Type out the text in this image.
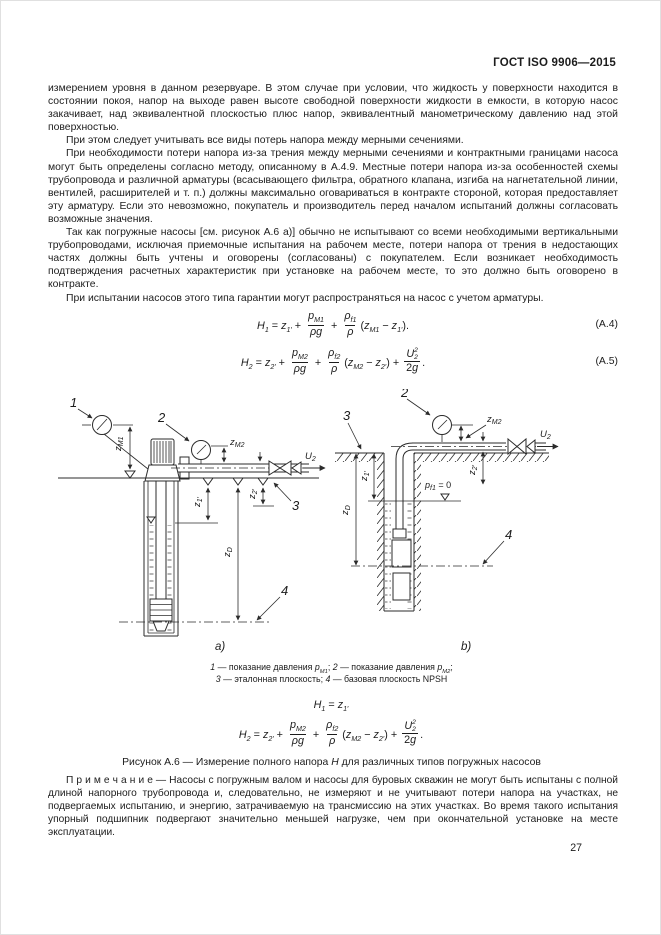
ГОСТ ISO 9906—2015

измерением уровня в данном резервуаре. В этом случае при условии, что жидкость у поверхности находится в состоянии покоя, напор на выходе равен высоте свободной поверхности жидкости в емкости, в которую насос закачивает, над эквивалентной плоскостью плюс напор, эквивалентный манометрическому давлению над этой поверхностью.

При этом следует учитывать все виды потерь напора между мерными сечениями.

При необходимости потери напора из-за трения между мерными сечениями и контрактными границами насоса могут быть определены согласно методу, описанному в А.4.9. Местные потери напора из-за особенностей схемы трубопровода и различной арматуры (всасывающего фильтра, обратного клапана, изгиба на нагнетательной линии, вентилей, расширителей и т. п.) должны максимально оговариваться в контракте стороной, которая предоставляет эту арматуру. Если это невозможно, покупатель и производитель перед началом испытаний должны согласовать возможные значения.

Так как погружные насосы [см. рисунок А.6 а)] обычно не испытывают со всеми необходимыми вертикальными трубопроводами, исключая приемочные испытания на рабочем месте, потери напора от трения в недостающих частях должны быть учтены и оговорены (согласованы) с покупателем. Если возникает необходимость подтверждения расчетных характеристик при установке на рабочем месте, то это должно быть оговорено в контракте.

При испытании насосов этого типа гарантии могут распространяться на насос с учетом арматуры.

$H_1 = z_{1'} + \frac{p_{M1}}{\rho g} + \frac{\rho_{f1}}{\rho} (z_{M1} - z_{1'})$.	(А.4)
$H_2 = z_{2'} + \frac{p_{M2}}{\rho g} + \frac{\rho_{f2}}{\rho} (z_{M2} - z_{2'}) + U$ 2
2
2g .	(А.5)
1
$z_{M1}$
2
$z_{M2}$
$U_2$
$z_{1'}$
$z_{2'}$
$z_D$
4
3
а)
3
2
$z_{M2}$
$z_{2'}$
$U_2$
$p_{f1} = 0$
$z_{1'}$
$z_D$
4
b)
1 — показание давления $p_{M1}$; 2 — показание давления $p_{M2}$;
3 — эталонная плоскость; 4 — базовая плоскость NPSH
$H_1 = z_{1'}$
$H_2 = z_{2'} + \frac{p_{M2}}{\rho g} + \frac{\rho_{f2}}{\rho} (z_{M2} - z_{2'}) + U$ 2
2
2g .
Рисунок А.6 — Измерение полного напора H для различных типов погружных насосов

П р и м е ч а н и е — Насосы с погружным валом и насосы для буровых скважин не могут быть испытаны с полной длиной напорного трубопровода и, следовательно, не измеряют и не учитывают потери напора на участках, не подвергаемых испытанию, и энергию, затрачиваемую на трансмиссию на этих участках. Во время такого испытания упорный подшипник подвергают значительно меньшей нагрузке, чем при окончательной установке на месте эксплуатации.

27
